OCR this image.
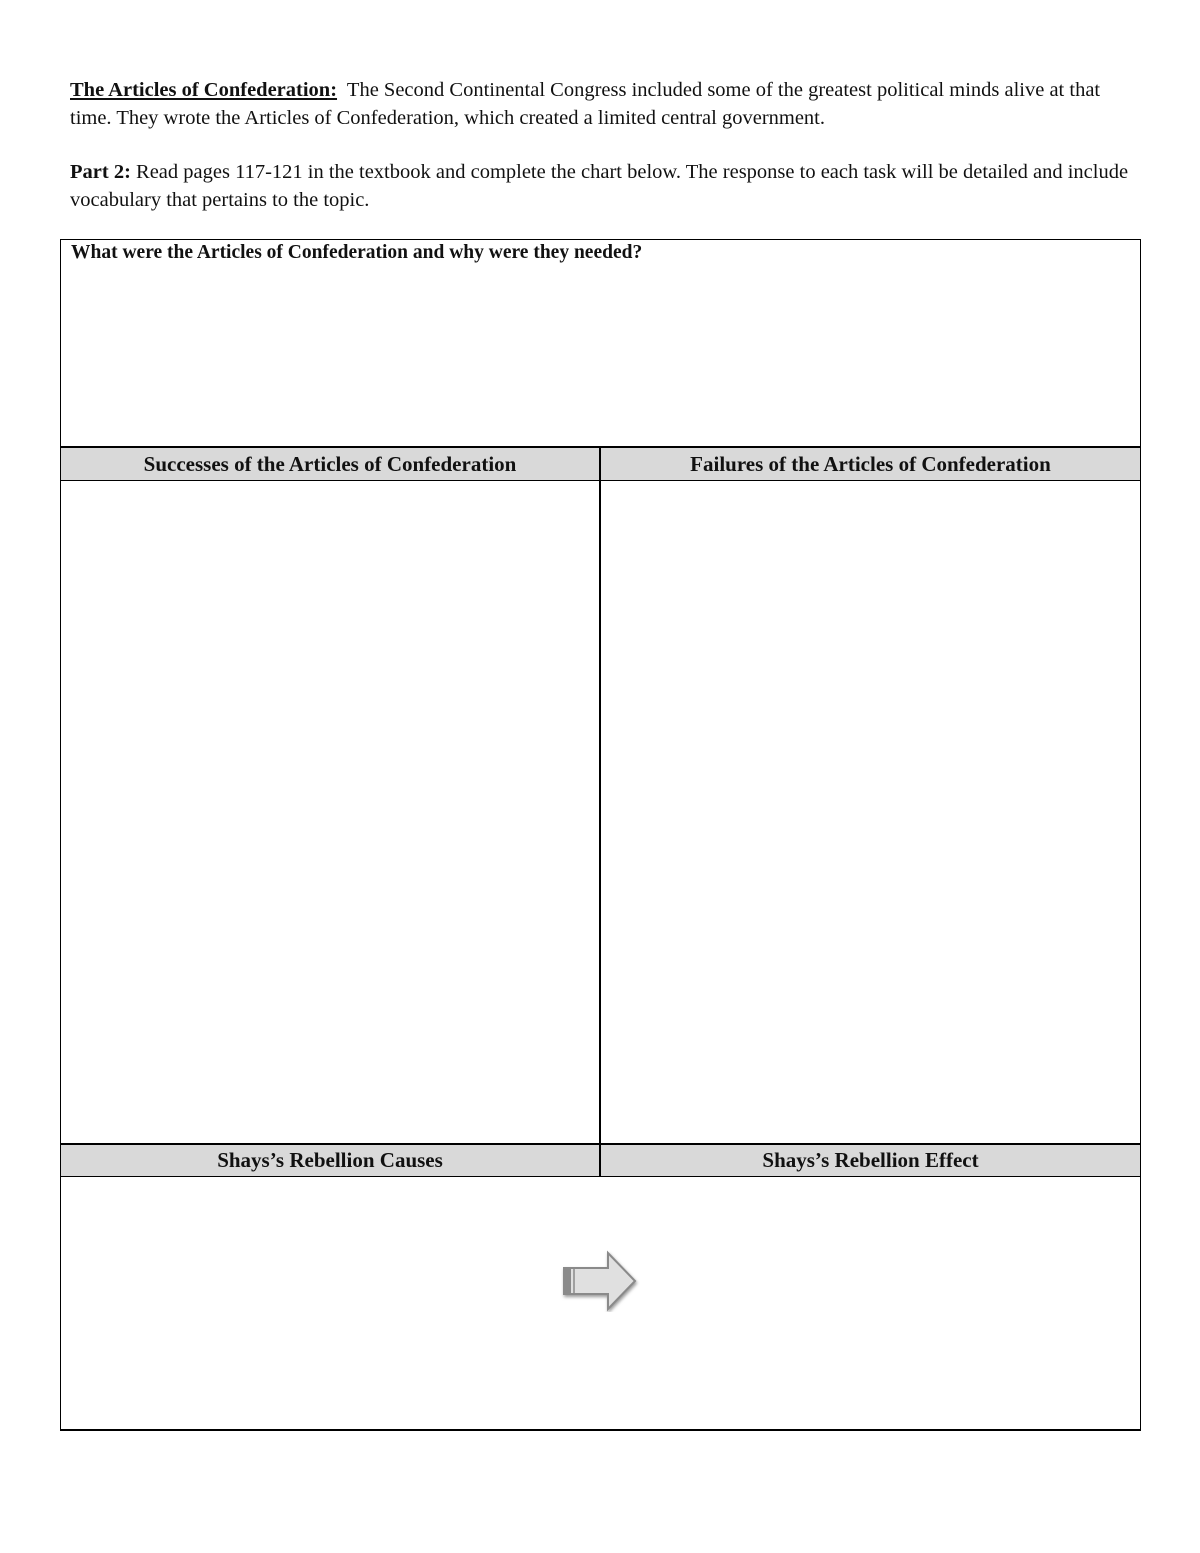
The Articles of Confederation: The Second Continental Congress included some of the greatest political minds alive at that time. They wrote the Articles of Confederation, which created a limited central government.
Part 2: Read pages 117-121 in the textbook and complete the chart below. The response to each task will be detailed and include vocabulary that pertains to the topic.
What were the Articles of Confederation and why were they needed?
Successes of the Articles of Confederation	Failures of the Articles of Confederation
Shays’s Rebellion Causes	Shays’s Rebellion Effect
